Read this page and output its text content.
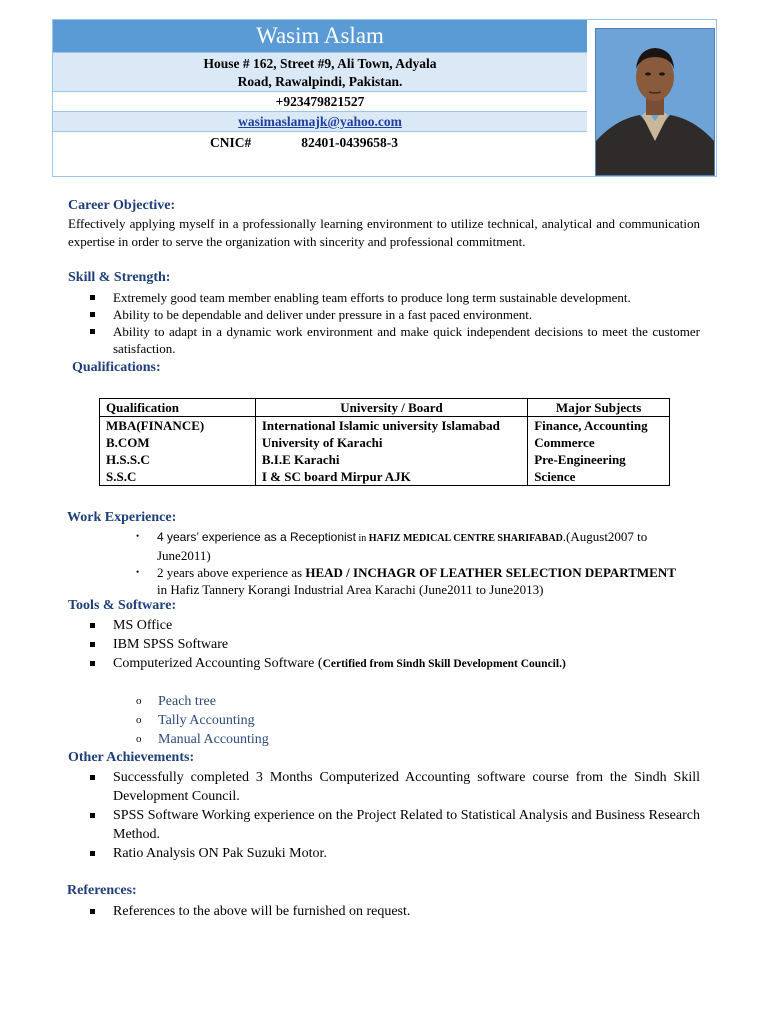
Wasim Aslam
House # 162, Street #9, Ali Town, Adyala
Road, Rawalpindi, Pakistan.
+923479821527
wasimaslamajk@yahoo.com
CNIC#	82401-0439658-3
Career Objective:
Effectively applying myself in a professionally learning environment to utilize technical, analytical and communication expertise in order to serve the organization with sincerity and professional commitment.
Skill & Strength:
Extremely good team member enabling team efforts to produce long term sustainable development.
Ability to be dependable and deliver under pressure in a fast paced environment.
Ability to adapt in a dynamic work environment and make quick independent decisions to meet the customer satisfaction.
Qualifications:
Qualification	University / Board	Major Subjects
MBA(FINANCE)	International Islamic university Islamabad	Finance, Accounting
B.COM	University of Karachi	Commerce
H.S.S.C	B.I.E Karachi	Pre-Engineering
S.S.C	I & SC board Mirpur AJK	Science
Work Experience:
• 4 years’ experience as a Receptionist in HAFIZ MEDICAL CENTRE SHARIFABAD.(August2007 to June2011)
• 2 years above experience as HEAD / INCHAGR OF LEATHER SELECTION DEPARTMENT
in Hafiz Tannery Korangi Industrial Area Karachi (June2011 to June2013)
Tools & Software:
MS Office
IBM SPSS Software
Computerized Accounting Software (Certified from Sindh Skill Development Council.)
o Peach tree
o Tally Accounting
o Manual Accounting
Other Achievements:
Successfully completed 3 Months Computerized Accounting software course from the Sindh Skill Development Council.
SPSS Software Working experience on the Project Related to Statistical Analysis and Business Research Method.
Ratio Analysis ON Pak Suzuki Motor.
References:
References to the above will be furnished on request.
